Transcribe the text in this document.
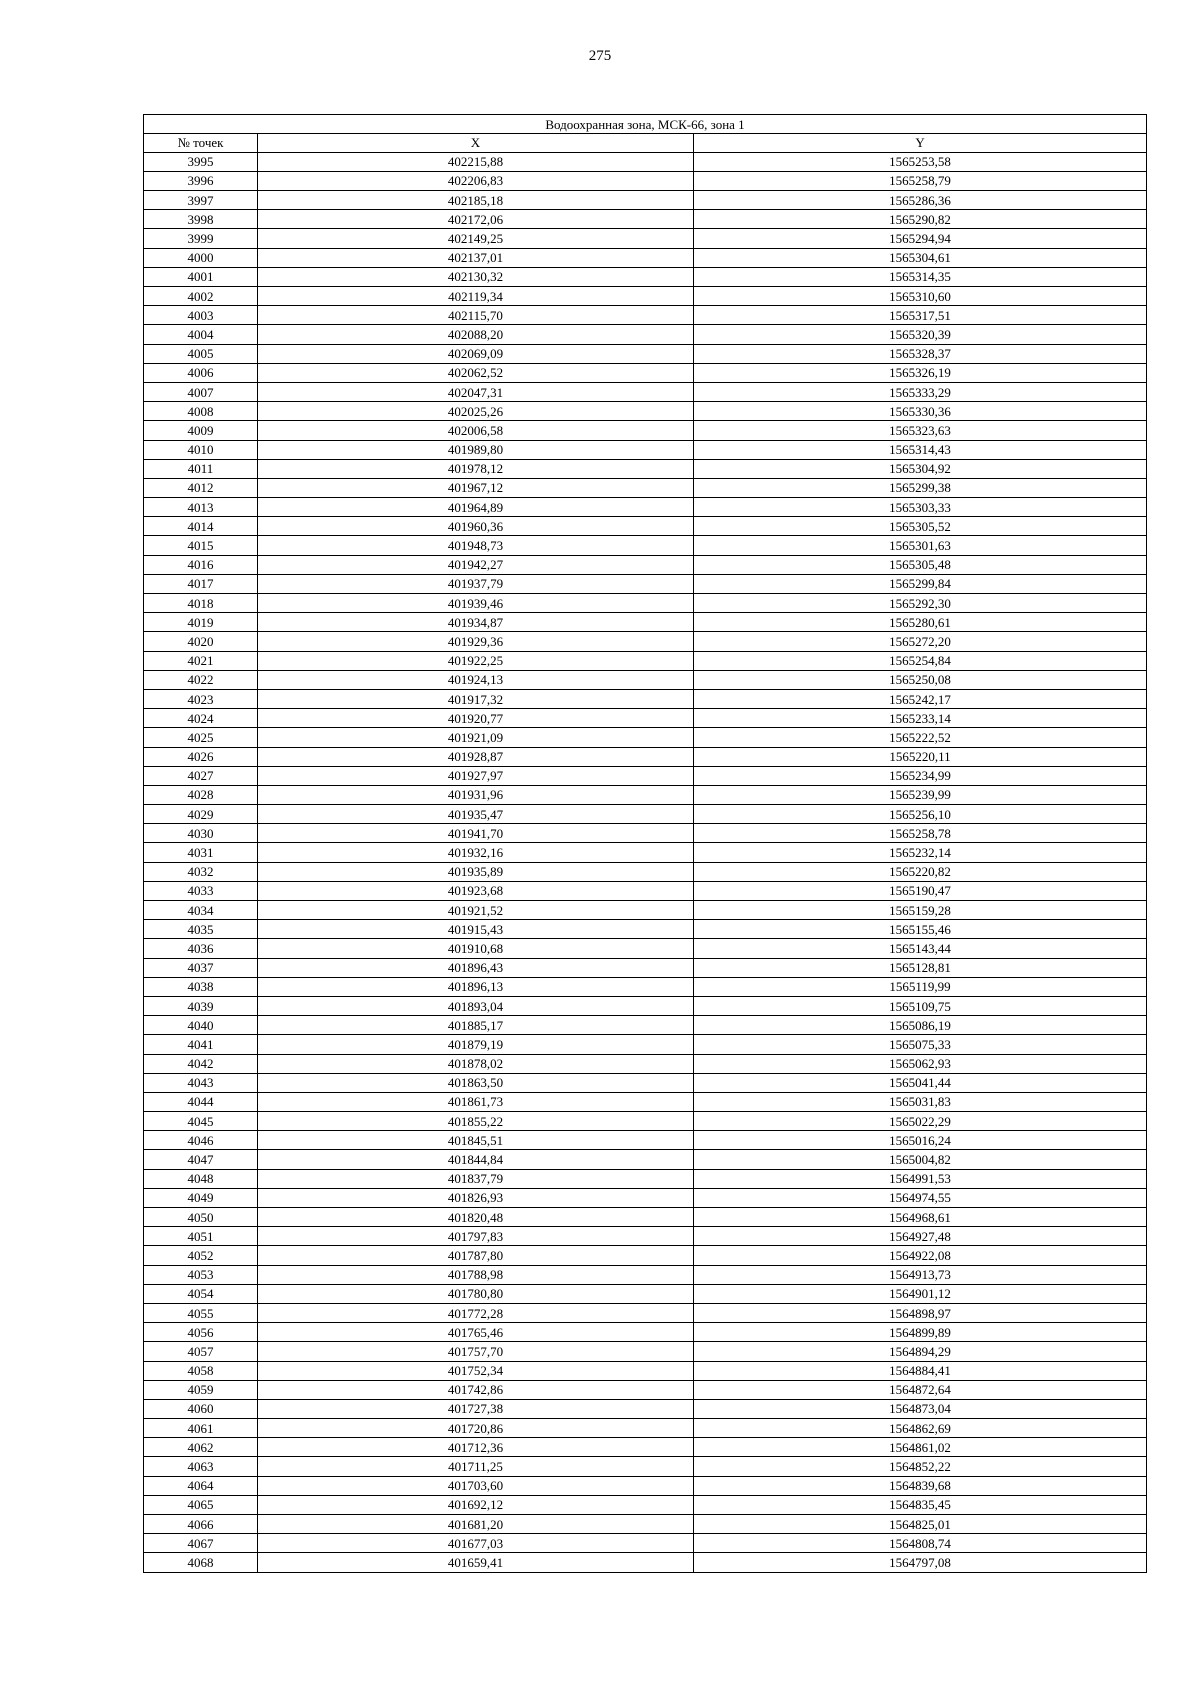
275
Водоохранная зона, МСК-66, зона 1		
№ точек	X	Y
3995	402215,88	1565253,58
3996	402206,83	1565258,79
3997	402185,18	1565286,36
3998	402172,06	1565290,82
3999	402149,25	1565294,94
4000	402137,01	1565304,61
4001	402130,32	1565314,35
4002	402119,34	1565310,60
4003	402115,70	1565317,51
4004	402088,20	1565320,39
4005	402069,09	1565328,37
4006	402062,52	1565326,19
4007	402047,31	1565333,29
4008	402025,26	1565330,36
4009	402006,58	1565323,63
4010	401989,80	1565314,43
4011	401978,12	1565304,92
4012	401967,12	1565299,38
4013	401964,89	1565303,33
4014	401960,36	1565305,52
4015	401948,73	1565301,63
4016	401942,27	1565305,48
4017	401937,79	1565299,84
4018	401939,46	1565292,30
4019	401934,87	1565280,61
4020	401929,36	1565272,20
4021	401922,25	1565254,84
4022	401924,13	1565250,08
4023	401917,32	1565242,17
4024	401920,77	1565233,14
4025	401921,09	1565222,52
4026	401928,87	1565220,11
4027	401927,97	1565234,99
4028	401931,96	1565239,99
4029	401935,47	1565256,10
4030	401941,70	1565258,78
4031	401932,16	1565232,14
4032	401935,89	1565220,82
4033	401923,68	1565190,47
4034	401921,52	1565159,28
4035	401915,43	1565155,46
4036	401910,68	1565143,44
4037	401896,43	1565128,81
4038	401896,13	1565119,99
4039	401893,04	1565109,75
4040	401885,17	1565086,19
4041	401879,19	1565075,33
4042	401878,02	1565062,93
4043	401863,50	1565041,44
4044	401861,73	1565031,83
4045	401855,22	1565022,29
4046	401845,51	1565016,24
4047	401844,84	1565004,82
4048	401837,79	1564991,53
4049	401826,93	1564974,55
4050	401820,48	1564968,61
4051	401797,83	1564927,48
4052	401787,80	1564922,08
4053	401788,98	1564913,73
4054	401780,80	1564901,12
4055	401772,28	1564898,97
4056	401765,46	1564899,89
4057	401757,70	1564894,29
4058	401752,34	1564884,41
4059	401742,86	1564872,64
4060	401727,38	1564873,04
4061	401720,86	1564862,69
4062	401712,36	1564861,02
4063	401711,25	1564852,22
4064	401703,60	1564839,68
4065	401692,12	1564835,45
4066	401681,20	1564825,01
4067	401677,03	1564808,74
4068	401659,41	1564797,08
